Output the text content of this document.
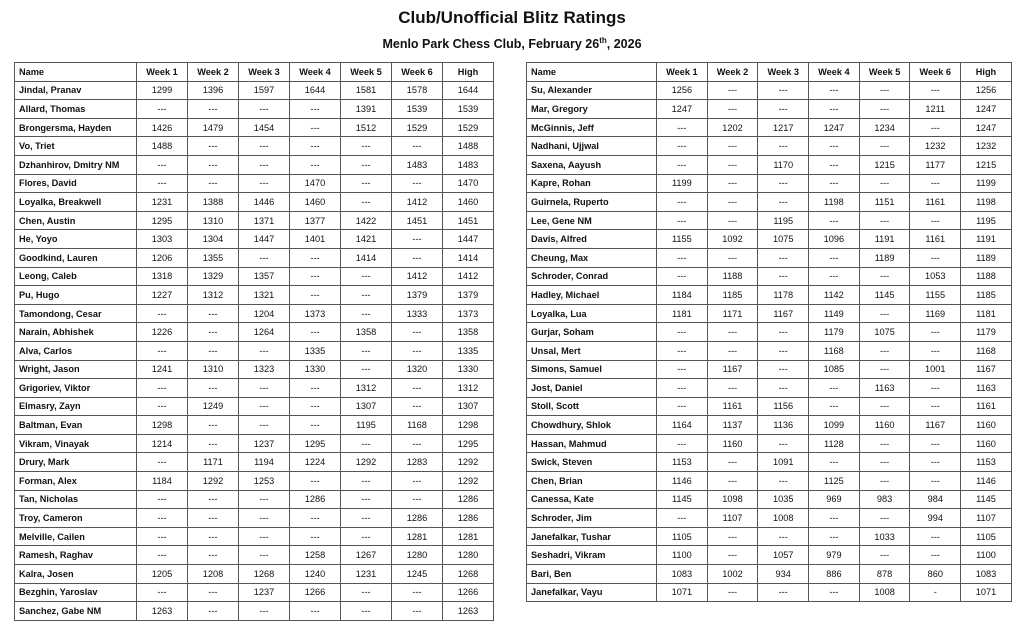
Club/Unofficial Blitz Ratings
Menlo Park Chess Club, February 26th, 2026
Name	Week 1	Week 2	Week 3	Week 4	Week 5	Week 6	High
Jindal, Pranav	1299	1396	1597	1644	1581	1578	1644
Allard, Thomas	---	---	---	---	1391	1539	1539
Brongersma, Hayden	1426	1479	1454	---	1512	1529	1529
Vo, Triet	1488	---	---	---	---	---	1488
Dzhanhirov, Dmitry NM	---	---	---	---	---	1483	1483
Flores, David	---	---	---	1470	---	---	1470
Loyalka, Breakwell	1231	1388	1446	1460	---	1412	1460
Chen, Austin	1295	1310	1371	1377	1422	1451	1451
He, Yoyo	1303	1304	1447	1401	1421	---	1447
Goodkind, Lauren	1206	1355	---	---	1414	---	1414
Leong, Caleb	1318	1329	1357	---	---	1412	1412
Pu, Hugo	1227	1312	1321	---	---	1379	1379
Tamondong, Cesar	---	---	1204	1373	---	1333	1373
Narain, Abhishek	1226	---	1264	---	1358	---	1358
Alva, Carlos	---	---	---	1335	---	---	1335
Wright, Jason	1241	1310	1323	1330	---	1320	1330
Grigoriev, Viktor	---	---	---	---	1312	---	1312
Elmasry, Zayn	---	1249	---	---	1307	---	1307
Baltman, Evan	1298	---	---	---	1195	1168	1298
Vikram, Vinayak	1214	---	1237	1295	---	---	1295
Drury, Mark	---	1171	1194	1224	1292	1283	1292
Forman, Alex	1184	1292	1253	---	---	---	1292
Tan, Nicholas	---	---	---	1286	---	---	1286
Troy, Cameron	---	---	---	---	---	1286	1286
Melville, Cailen	---	---	---	---	---	1281	1281
Ramesh, Raghav	---	---	---	1258	1267	1280	1280
Kalra, Josen	1205	1208	1268	1240	1231	1245	1268
Bezghin, Yaroslav	---	---	1237	1266	---	---	1266
Sanchez, Gabe NM	1263	---	---	---	---	---	1263
Name	Week 1	Week 2	Week 3	Week 4	Week 5	Week 6	High
Su, Alexander	1256	---	---	---	---	---	1256
Mar, Gregory	1247	---	---	---	---	1211	1247
McGinnis, Jeff	---	1202	1217	1247	1234	---	1247
Nadhani, Ujjwal	---	---	---	---	---	1232	1232
Saxena, Aayush	---	---	1170	---	1215	1177	1215
Kapre, Rohan	1199	---	---	---	---	---	1199
Guirnela, Ruperto	---	---	---	1198	1151	1161	1198
Lee, Gene NM	---	---	1195	---	---	---	1195
Davis, Alfred	1155	1092	1075	1096	1191	1161	1191
Cheung, Max	---	---	---	---	1189	---	1189
Schroder, Conrad	---	1188	---	---	---	1053	1188
Hadley, Michael	1184	1185	1178	1142	1145	1155	1185
Loyalka, Lua	1181	1171	1167	1149	---	1169	1181
Gurjar, Soham	---	---	---	1179	1075	---	1179
Unsal, Mert	---	---	---	1168	---	---	1168
Simons, Samuel	---	1167	---	1085	---	1001	1167
Jost, Daniel	---	---	---	---	1163	---	1163
Stoll, Scott	---	1161	1156	---	---	---	1161
Chowdhury, Shlok	1164	1137	1136	1099	1160	1167	1160
Hassan, Mahmud	---	1160	---	1128	---	---	1160
Swick, Steven	1153	---	1091	---	---	---	1153
Chen, Brian	1146	---	---	1125	---	---	1146
Canessa, Kate	1145	1098	1035	969	983	984	1145
Schroder, Jim	---	1107	1008	---	---	994	1107
Janefalkar, Tushar	1105	---	---	---	1033	---	1105
Seshadri, Vikram	1100	---	1057	979	---	---	1100
Bari, Ben	1083	1002	934	886	878	860	1083
Janefalkar, Vayu	1071	---	---	---	1008	-	1071
